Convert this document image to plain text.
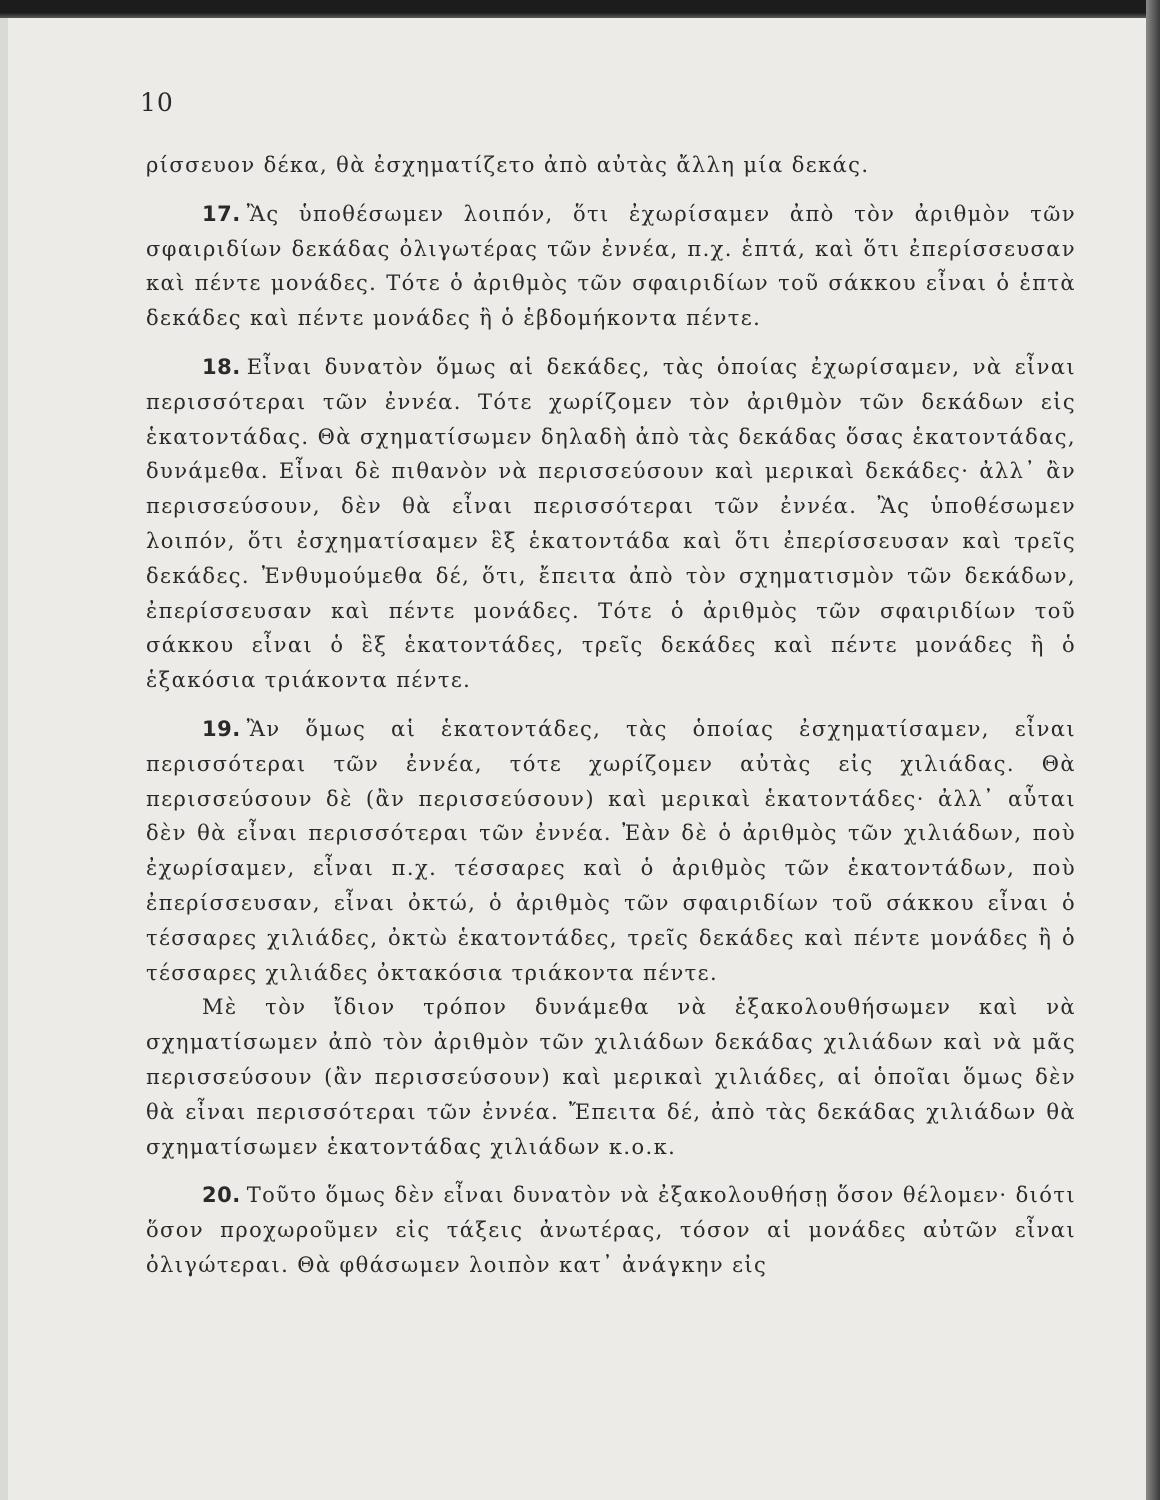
10

ρίσσευον δέκα, θὰ ἐσχηματίζετο ἀπὸ αὐτὰς ἄλλη μία δεκάς.

17. Ἂς ὑποθέσωμεν λοιπόν, ὅτι ἐχωρίσαμεν ἀπὸ τὸν ἀριθμὸν τῶν σφαιριδίων δεκάδας ὀλιγωτέρας τῶν ἐννέα, π.χ. ἑπτά, καὶ ὅτι ἐπερίσσευσαν καὶ πέντε μονάδες. Τότε ὁ ἀριθμὸς τῶν σφαιριδίων τοῦ σάκκου εἶναι ὁ ἑπτὰ δεκάδες καὶ πέντε μονάδες ἢ ὁ ἑβδομήκοντα πέντε.

18. Εἶναι δυνατὸν ὅμως αἱ δεκάδες, τὰς ὁποίας ἐχωρίσαμεν, νὰ εἶναι περισσότεραι τῶν ἐννέα. Τότε χωρίζομεν τὸν ἀριθμὸν τῶν δεκάδων εἰς ἑκατοντάδας. Θὰ σχηματίσωμεν δηλαδὴ ἀπὸ τὰς δεκάδας ὅσας ἑκατοντάδας, δυνάμεθα. Εἶναι δὲ πιθανὸν νὰ περισσεύσουν καὶ μερικαὶ δεκάδες· ἀλλ᾿ ἂν περισσεύσουν, δὲν θὰ εἶναι περισσότεραι τῶν ἐννέα. Ἂς ὑποθέσωμεν λοιπόν, ὅτι ἐσχηματίσαμεν ἓξ ἑκατοντάδα καὶ ὅτι ἐπερίσσευσαν καὶ τρεῖς δεκάδες. Ἐνθυμούμεθα δέ, ὅτι, ἔπειτα ἀπὸ τὸν σχηματισμὸν τῶν δεκάδων, ἐπερίσσευσαν καὶ πέντε μονάδες. Τότε ὁ ἀριθμὸς τῶν σφαιριδίων τοῦ σάκκου εἶναι ὁ ἓξ ἑκατοντάδες, τρεῖς δεκάδες καὶ πέντε μονάδες ἢ ὁ ἑξακόσια τριάκοντα πέντε.

19. Ἂν ὅμως αἱ ἑκατοντάδες, τὰς ὁποίας ἐσχηματίσαμεν, εἶναι περισσότεραι τῶν ἐννέα, τότε χωρίζομεν αὐτὰς εἰς χιλιάδας. Θὰ περισσεύσουν δὲ (ἂν περισσεύσουν) καὶ μερικαὶ ἑκατοντάδες· ἀλλ᾿ αὗται δὲν θὰ εἶναι περισσότεραι τῶν ἐννέα. Ἐὰν δὲ ὁ ἀριθμὸς τῶν χιλιάδων, ποὺ ἐχωρίσαμεν, εἶναι π.χ. τέσσαρες καὶ ὁ ἀριθμὸς τῶν ἑκατοντάδων, ποὺ ἐπερίσσευσαν, εἶναι ὀκτώ, ὁ ἀριθμὸς τῶν σφαιριδίων τοῦ σάκκου εἶναι ὁ τέσσαρες χιλιάδες, ὀκτὼ ἑκατοντάδες, τρεῖς δεκάδες καὶ πέντε μονάδες ἢ ὁ τέσσαρες χιλιάδες ὀκτακόσια τριάκοντα πέντε.

Μὲ τὸν ἴδιον τρόπον δυνάμεθα νὰ ἐξακολουθήσωμεν καὶ νὰ σχηματίσωμεν ἀπὸ τὸν ἀριθμὸν τῶν χιλιάδων δεκάδας χιλιάδων καὶ νὰ μᾶς περισσεύσουν (ἂν περισσεύσουν) καὶ μερικαὶ χιλιάδες, αἱ ὁποῖαι ὅμως δὲν θὰ εἶναι περισσότεραι τῶν ἐννέα. Ἔπειτα δέ, ἀπὸ τὰς δεκάδας χιλιάδων θὰ σχηματίσωμεν ἑκατοντάδας χιλιάδων κ.ο.κ.

20. Τοῦτο ὅμως δὲν εἶναι δυνατὸν νὰ ἐξακολουθήσῃ ὅσον θέλομεν· διότι ὅσον προχωροῦμεν εἰς τάξεις ἀνωτέρας, τόσον αἱ μονάδες αὐτῶν εἶναι ὀλιγώτεραι. Θὰ φθάσωμεν λοιπὸν κατ᾿ ἀνάγκην εἰς
